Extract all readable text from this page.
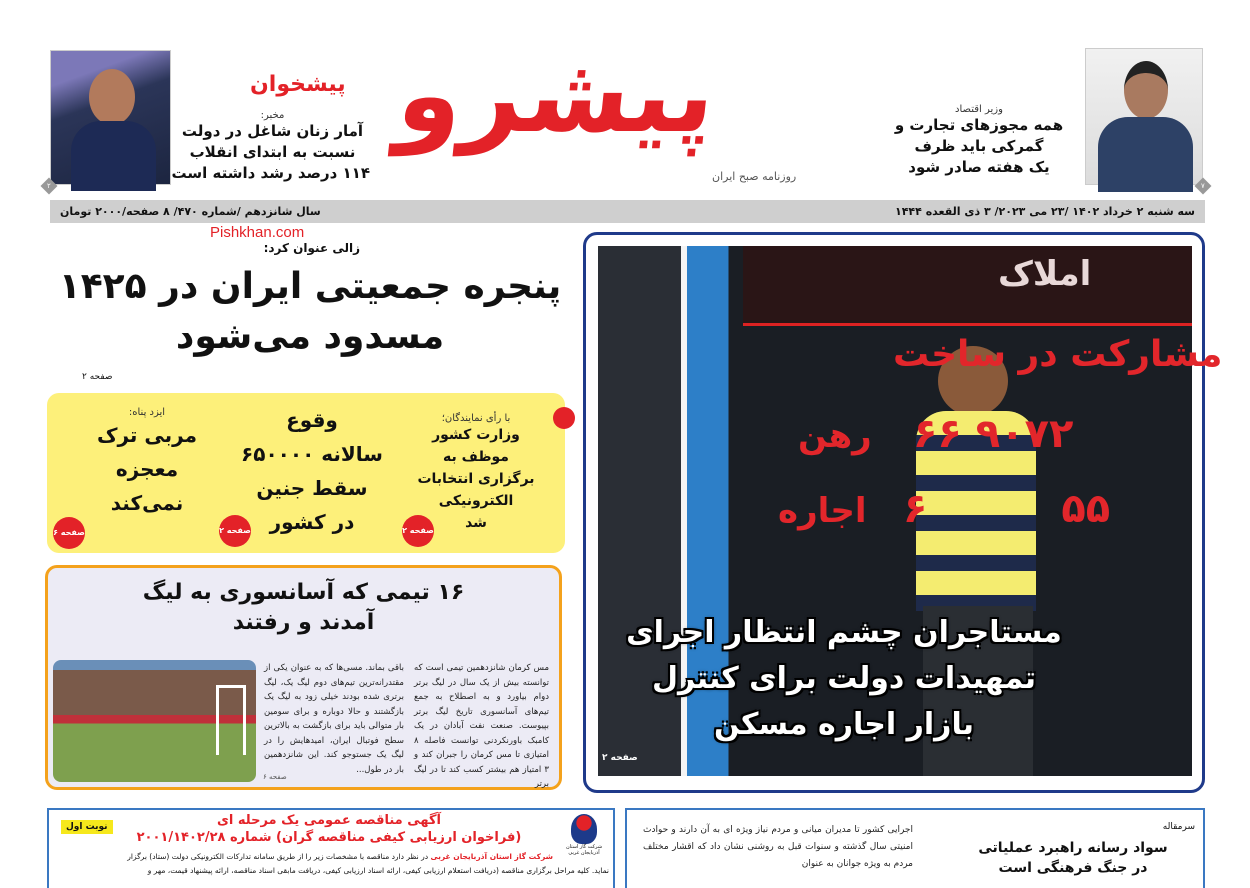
۲
مخبر:
آمار زنان شاغل در دولت
نسبت به ابتدای انقلاب
۱۱۴ درصد رشد داشته است
پیشرو
روزنامه صبح ایران
وزیر اقتصاد
همه مجوزهای تجارت و
گمرکی باید ظرف
یک هفته صادر شود
۷
سه شنبه ۲ خرداد ۱۴۰۲ /۲۳ می ۲۰۲۳/ ۳ ذی القعده ۱۴۴۴
سال شانزدهم /شماره ۴۷۰/ ۸ صفحه/۲۰۰۰ تومان
پیشخوان
Pishkhan.com
زالی عنوان کرد:
پنجره جمعیتی ایران در ۱۴۲۵
مسدود می‌شود
صفحه ۲
با رأی نمایندگان؛
وزارت کشور
موظف به
برگزاری انتخابات
الکترونیکی
شد
صفحه ۲
وقوع
سالانه ۶۵۰۰۰۰
سقط جنین
در کشور
صفحه ۲
ایزد پناه:
مربی ترک
معجزه
نمی‌کند
صفحه ۶
۱۶ تیمی که آسانسوری به لیگ
آمدند و رفتند
مس کرمان شانزدهمین تیمی است که توانسته بیش از یک سال در لیگ برتر دوام بیاورد و به اصطلاح به جمع تیم‌های آسانسوری تاریخ لیگ برتر بپیوست. صنعت نفت آبادان در یک کامبک باورنکردنی توانست فاصله ۸ امتیازی تا مس کرمان را جبران کند و ۳ امتیاز هم بیشتر کسب کند تا در لیگ برتر
باقی بماند. مسی‌ها که به عنوان یکی از مقتدرانه‌ترین تیم‌های دوم لیگ یک، لیگ برتری شده بودند خیلی زود به لیگ یک بازگشتند و حالا دوباره و برای سومین بار متوالی باید برای بازگشت به بالاترین سطح فوتبال ایران، امیدهایش را در لیگ یک جستوجو کند. این شانزدهمین بار در طول...
صفحه ۶
املاک
مشارکت در ساخت
رهن ۶۶ ۹۰۷۲
اجاره ۶ ۵۵
مستاجران چشم انتظار اجرای
تمهیدات دولت برای کنترل
بازار اجاره مسکن
صفحه ۲
شرکت گاز استان آذربایجان غربی
نوبت اول	آگهی مناقصه عمومی یک مرحله ای
(فراخوان ارزیابی کیفی مناقصه گران) شماره ۲۰۰۱/۱۴۰۲/۲۸
شرکت گاز استان آذربایجان غربی در نظر دارد مناقصه با مشخصات زیر را از طریق سامانه تدارکات الکترونیکی دولت (ستاد) برگزار
نماید. کلیه مراحل برگزاری مناقصه (دریافت استعلام ارزیابی کیفی، ارائه اسناد ارزیابی کیفی، دریافت مابقی اسناد مناقصه، ارائه پیشنهاد قیمت، مهر و
سرمقاله
سواد رسانه راهبرد عملیاتی
در جنگ فرهنگی است
اجرایی کشور تا مدیران میانی و مردم نیاز ویژه ای به آن دارند و حوادث امنیتی سال گذشته و سنوات قبل به روشنی نشان داد که اقشار مختلف مردم به ویژه جوانان به عنوان
